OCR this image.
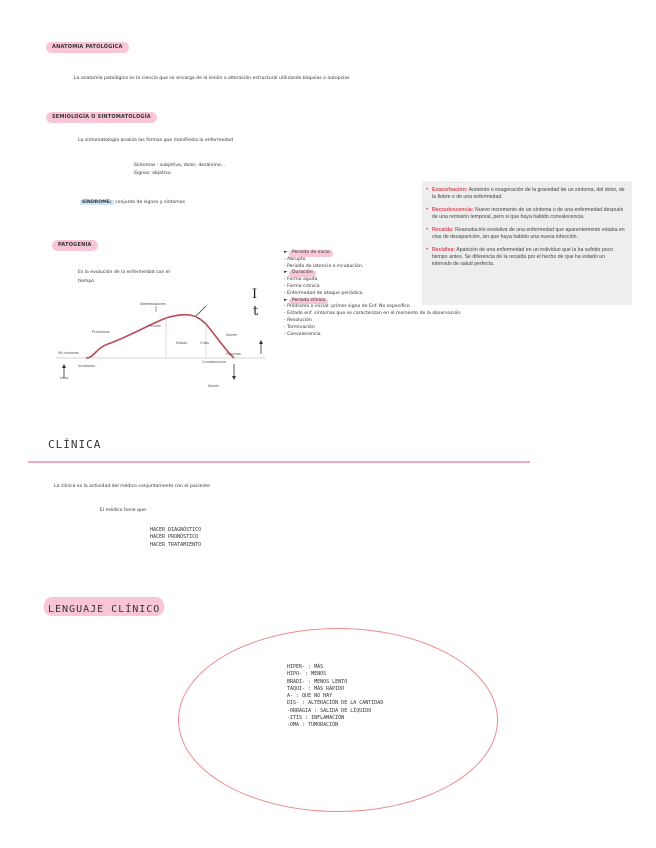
ANATOMIA PATOLÓGICA
La anatomía patológica es la ciencia que se encarga de la lesión o alteración estructural utilizando biopsias o autopsias
SEMIOLOGÍA O SINTOMATOLOGÍA
La sintomatología analiza las formas que manifiesta la enfermedad
Síntomas : subjetivo, dolor, desánimo...
Signos: objetivo
SÍNDROME: conjunto de signos y síntomas
• Exacerbación: Aumento o exageración de la gravedad de un síntoma, del dolor, de la fiebre o de una enfermedad.
• Recrudescencia: Nuevo incremento de un síntoma o de una enfermedad después de una remisión temporal, pero si que haya habido convalecencia.
• Recaída: Reanudación evolutiva de una enfermedad que aparentemente estaba en vías de desaparición, sin que haya habido una nueva infección.
• Recidiva: Aparición de una enfermedad en un individuo que la ha sufrido poco tiempo antes. Se diferencia de la recaída por el hecho de que ha estado un intervalo de salud perfecta.
PATOGENIA
Es la evolución de la enfermedad con el
tiempo
Manifestaciones
Pródromos
Período
Estado	Crisis
Sin síntomas
Incubación
Inicio
Muerte
Secuelas
Convalecencia
Muerte
I
t
► Período de inicio
- Abrupto
- Periodo de latencia o incubación.
► Duración
- Forma aguda
- Forma crónica
- Enfermedad de ataque periódico
► Período clínico
- Pródromo o inicial: primer signo de Enf. No específico
- Estado enf. síntomas que se caracterizan en el momento de la observación.
- Resolución
- Terminación
- Convalecencia
CLÍNICA
La clínica es la actividad del médico conjuntamente con el paciente
El médico tiene que:
HACER DIAGNÓSTICO
HACER PRONÓSTICO
HACER TRATAMIENTO
LENGUAJE CLÍNICO
HIPER- : MÁS
HIPO- : MENOS
BRADI- : MENOS LENTO
TAQUI- : MÁS RÁPIDO
A- : QUE NO HAY
DIS- : ALTERACIÓN DE LA CANTIDAD
-ORRAGIA : SALIDA DE LÍQUIDO
-ITIS : INFLAMACIÓN
-OMA : TUMORACIÓN
